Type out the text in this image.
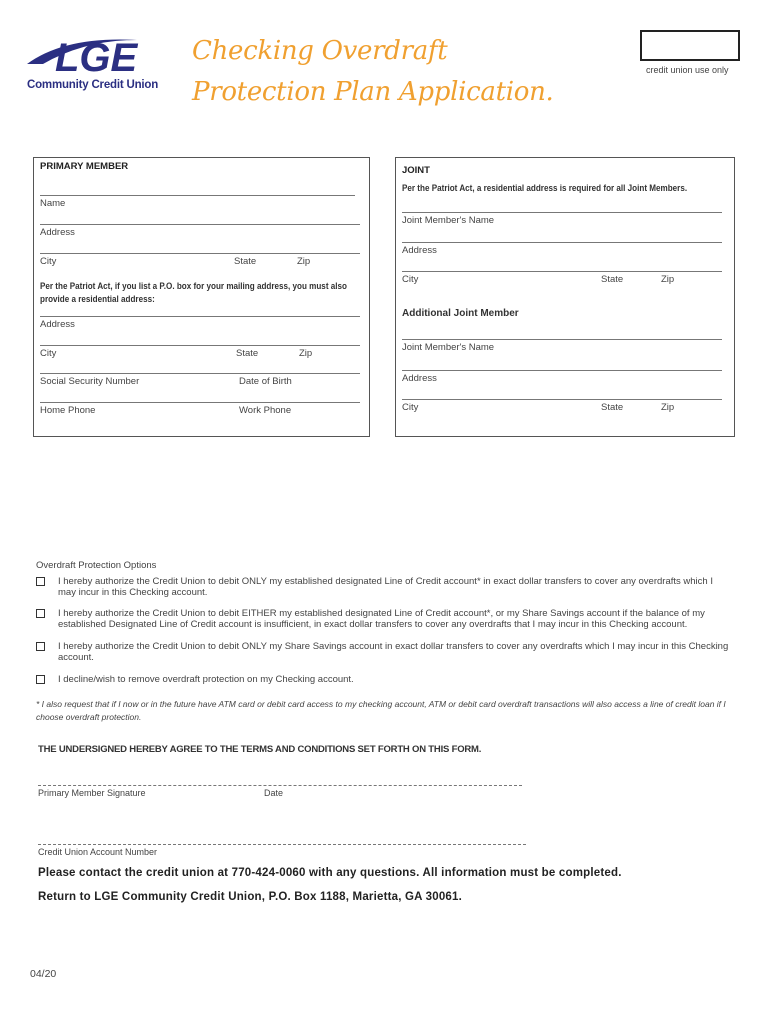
LGE
Community Credit Union
Checking Overdraft
Protection Plan Application.
credit union use only
PRIMARY MEMBER
Name
Address
City	State	Zip
Per the Patriot Act, if you list a P.O. box for your mailing address, you must also provide a residential address:
Address
City	State	Zip
Social Security Number	Date of Birth
Home Phone	Work Phone
JOINT
Per the Patriot Act, a residential address is required for all Joint Members.
Joint Member's Name
Address
City	State	Zip
Additional Joint Member
Joint Member's Name
Address
City	State	Zip
Overdraft Protection Options
I hereby authorize the Credit Union to debit ONLY my established designated Line of Credit account* in exact dollar transfers to cover any overdrafts which I may incur in this Checking account.
I hereby authorize the Credit Union to debit EITHER my established designated Line of Credit account*, or my Share Savings account if the balance of my established Designated Line of Credit account is insufficient, in exact dollar transfers to cover any overdrafts that I may incur in this Checking account.
I hereby authorize the Credit Union to debit ONLY my Share Savings account in exact dollar transfers to cover any overdrafts which I may incur in this Checking account.
I decline/wish to remove overdraft protection on my Checking account.
* I also request that if I now or in the future have ATM card or debit card access to my checking account, ATM or debit card overdraft transactions will also access a line of credit loan if I choose overdraft protection.
THE UNDERSIGNED HEREBY AGREE TO THE TERMS AND CONDITIONS SET FORTH ON THIS FORM.
Primary Member Signature	Date
Credit Union Account Number
Please contact the credit union at 770-424-0060 with any questions. All information must be completed.
Return to LGE Community Credit Union, P.O. Box 1188, Marietta, GA 30061.
04/20
